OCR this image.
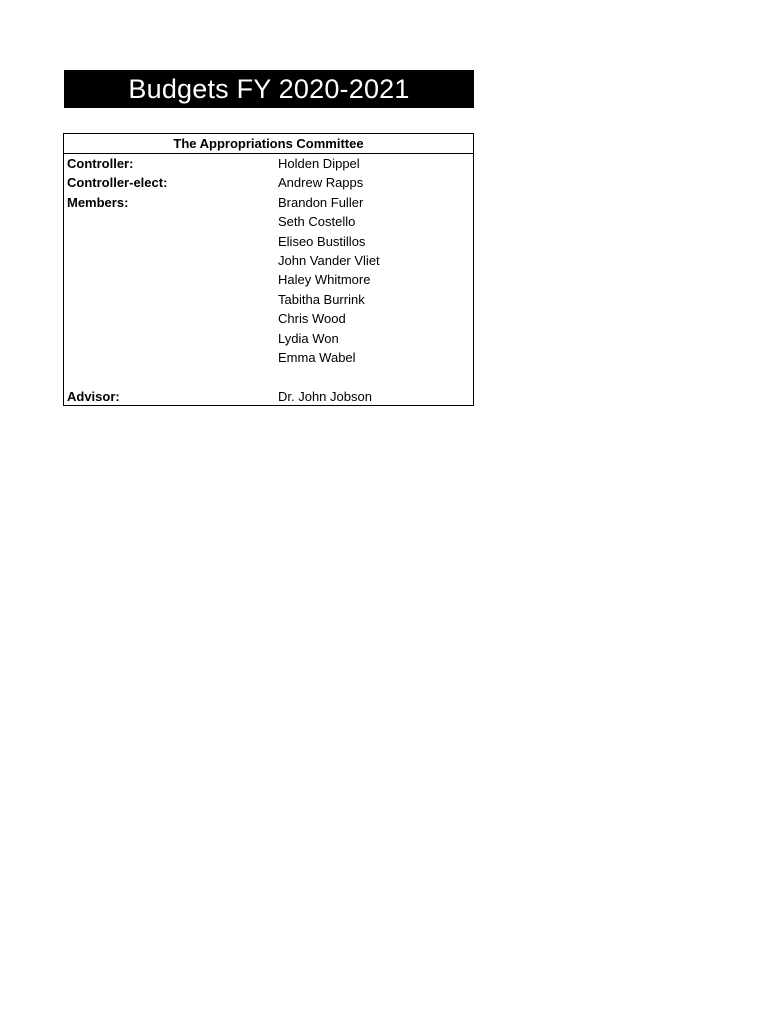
Budgets FY 2020-2021
The Appropriations Committee
Controller:	Holden Dippel
Controller-elect:	Andrew Rapps
Members:	Brandon Fuller
Seth Costello
Eliseo Bustillos
John Vander Vliet
Haley Whitmore
Tabitha Burrink
Chris Wood
Lydia Won
Emma Wabel
Advisor:	Dr. John Jobson
